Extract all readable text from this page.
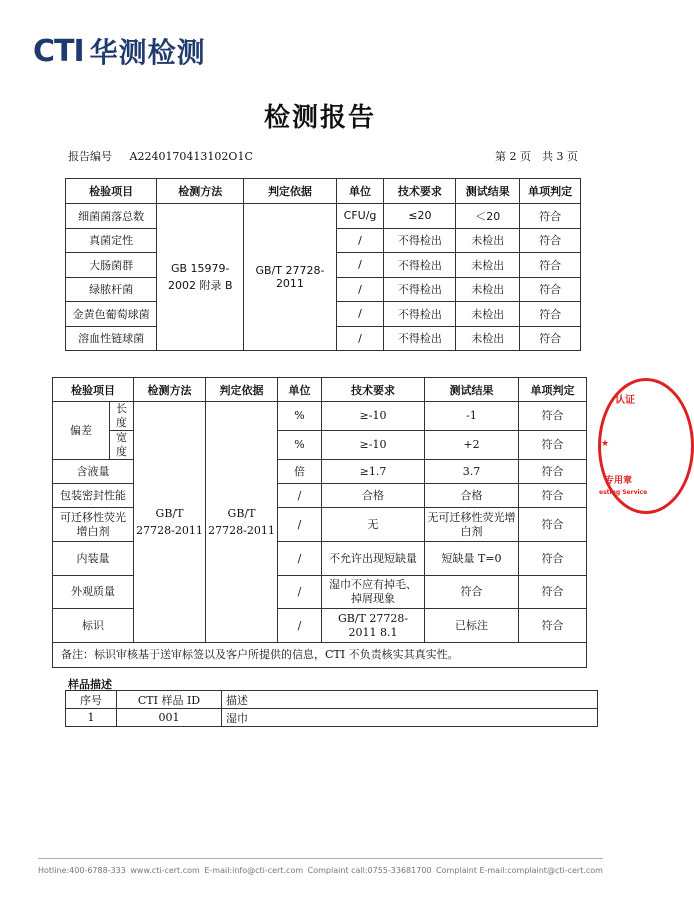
CTI 华测检测
检测报告
报告编号 A2240170413102O1C	第 2 页　共 3 页
检验项目	检测方法	判定依据	单位	技术要求	测试结果	单项判定
细菌菌落总数	GB 15979-2002 附录 B	GB/T 27728-2011	CFU/g	≤20	＜20	符合
真菌定性			/	不得检出	未检出	符合
大肠菌群			/	不得检出	未检出	符合
绿脓杆菌			/	不得检出	未检出	符合
金黄色葡萄球菌			/	不得检出	未检出	符合
溶血性链球菌			/	不得检出	未检出	符合
检验项目		检测方法	判定依据	单位	技术要求	测试结果	单项判定
偏差	长度	GB/T 27728-2011	GB/T 27728-2011	%	≥-10	-1	符合
	宽度			%	≥-10	+2	符合
含液量				倍	≥1.7	3.7	符合
包装密封性能				/	合格	合格	符合
可迁移性荧光增白剂				/	无	无可迁移性荧光增白剂	符合
内装量				/	不允许出现短缺量	短缺量 T=0	符合
外观质量				/	湿巾不应有掉毛、掉屑现象	符合	符合
标识				/	GB/T 27728-2011 8.1	已标注	符合
备注：标识审核基于送审标签以及客户所提供的信息，CTI 不负责核实其真实性。							
样品描述
序号	CTI 样品 ID	描述
1	001	湿巾
认证
★
专用章
esting Service
Hotline:400-6788-333 www.cti-cert.com E-mail:info@cti-cert.com Complaint call:0755-33681700 Complaint E-mail:complaint@cti-cert.com
